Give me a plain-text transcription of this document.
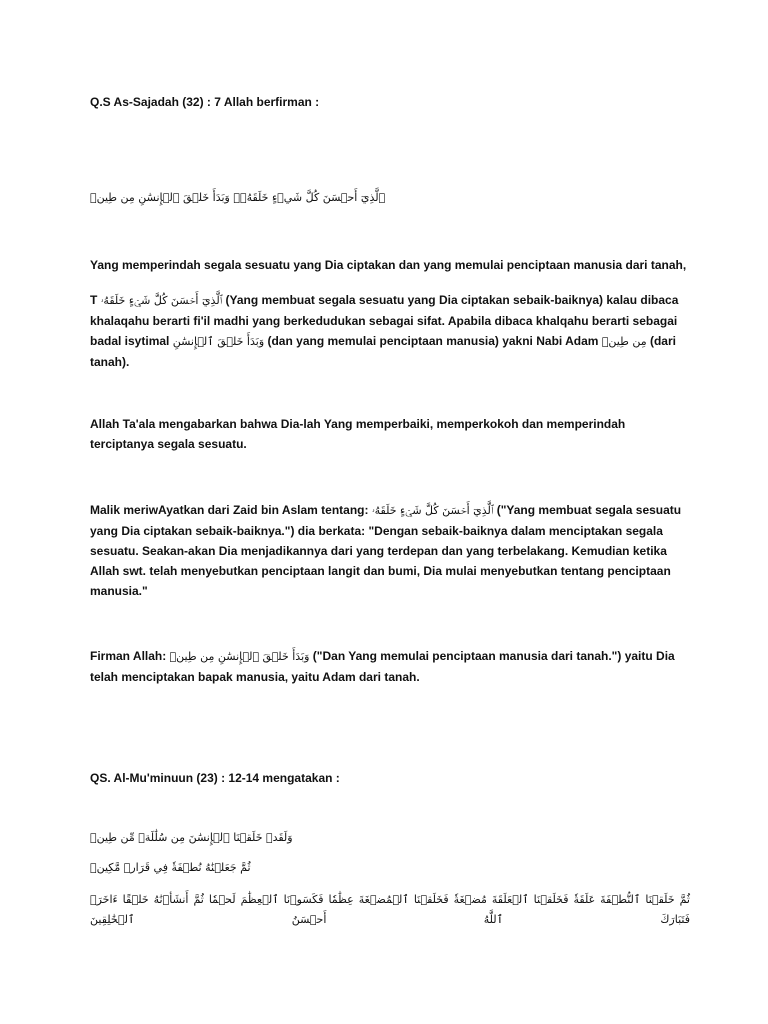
Q.S As-Sajadah (32) : 7 Allah berfirman :

ٱلَّذِيٓ أَحۡسَنَ كُلَّ شَيۡءٍ خَلَقَهُۥۖ وَبَدَأَ خَلۡقَ ٱلۡإِنسَٰنِ مِن طِينٖ

Yang memperindah segala sesuatu yang Dia ciptakan dan yang memulai penciptaan manusia dari tanah,

T ٱلَّذِيٓ أَحۡسَنَ كُلَّ شَيۡءٍ خَلَقَهُۥ (Yang membuat segala sesuatu yang Dia ciptakan sebaik-baiknya) kalau dibaca khalaqahu berarti fi'il madhi yang berkedudukan sebagai sifat. Apabila dibaca khalqahu berarti sebagai badal isytimal وَبَدَأَ خَلۡقَ ٱلۡإِنسَٰنِ (dan yang memulai penciptaan manusia) yakni Nabi Adam مِن طِينٖ (dari tanah).

Allah Ta'ala mengabarkan bahwa Dia-lah Yang memperbaiki, memperkokoh dan memperindah terciptanya segala sesuatu.

Malik meriwAyatkan dari Zaid bin Aslam tentang: ٱلَّذِيٓ أَحۡسَنَ كُلَّ شَيۡءٍ خَلَقَهُۥ ("Yang membuat segala sesuatu yang Dia ciptakan sebaik-baiknya.") dia berkata: "Dengan sebaik-baiknya dalam menciptakan segala sesuatu. Seakan-akan Dia menjadikannya dari yang terdepan dan yang terbelakang. Kemudian ketika Allah swt. telah menyebutkan penciptaan langit dan bumi, Dia mulai menyebutkan tentang penciptaan manusia."

Firman Allah: وَبَدَأَ خَلۡقَ ٱلۡإِنسَٰنِ مِن طِينٖ ("Dan Yang memulai penciptaan manusia dari tanah.") yaitu Dia telah menciptakan bapak manusia, yaitu Adam dari tanah.

QS. Al-Mu'minuun (23) : 12-14 mengatakan :

وَلَقَدۡ خَلَقۡنَا ٱلۡإِنسَٰنَ مِن سُلَٰلَةٖ مِّن طِينٖ
ثُمَّ جَعَلۡنَٰهُ نُطۡفَةٗ فِي قَرَارٖ مَّكِينٖ
ثُمَّ خَلَقۡنَا ٱلنُّطۡفَةَ عَلَقَةٗ فَخَلَقۡنَا ٱلۡعَلَقَةَ مُضۡغَةٗ فَخَلَقۡنَا ٱلۡمُضۡغَةَ عِظَٰمٗا فَكَسَوۡنَا ٱلۡعِظَٰمَ لَحۡمٗا ثُمَّ أَنشَأۡنَٰهُ خَلۡقًا ءَاخَرَۚ فَتَبَارَكَ ٱللَّهُ أَحۡسَنُ ٱلۡخَٰلِقِينَ
